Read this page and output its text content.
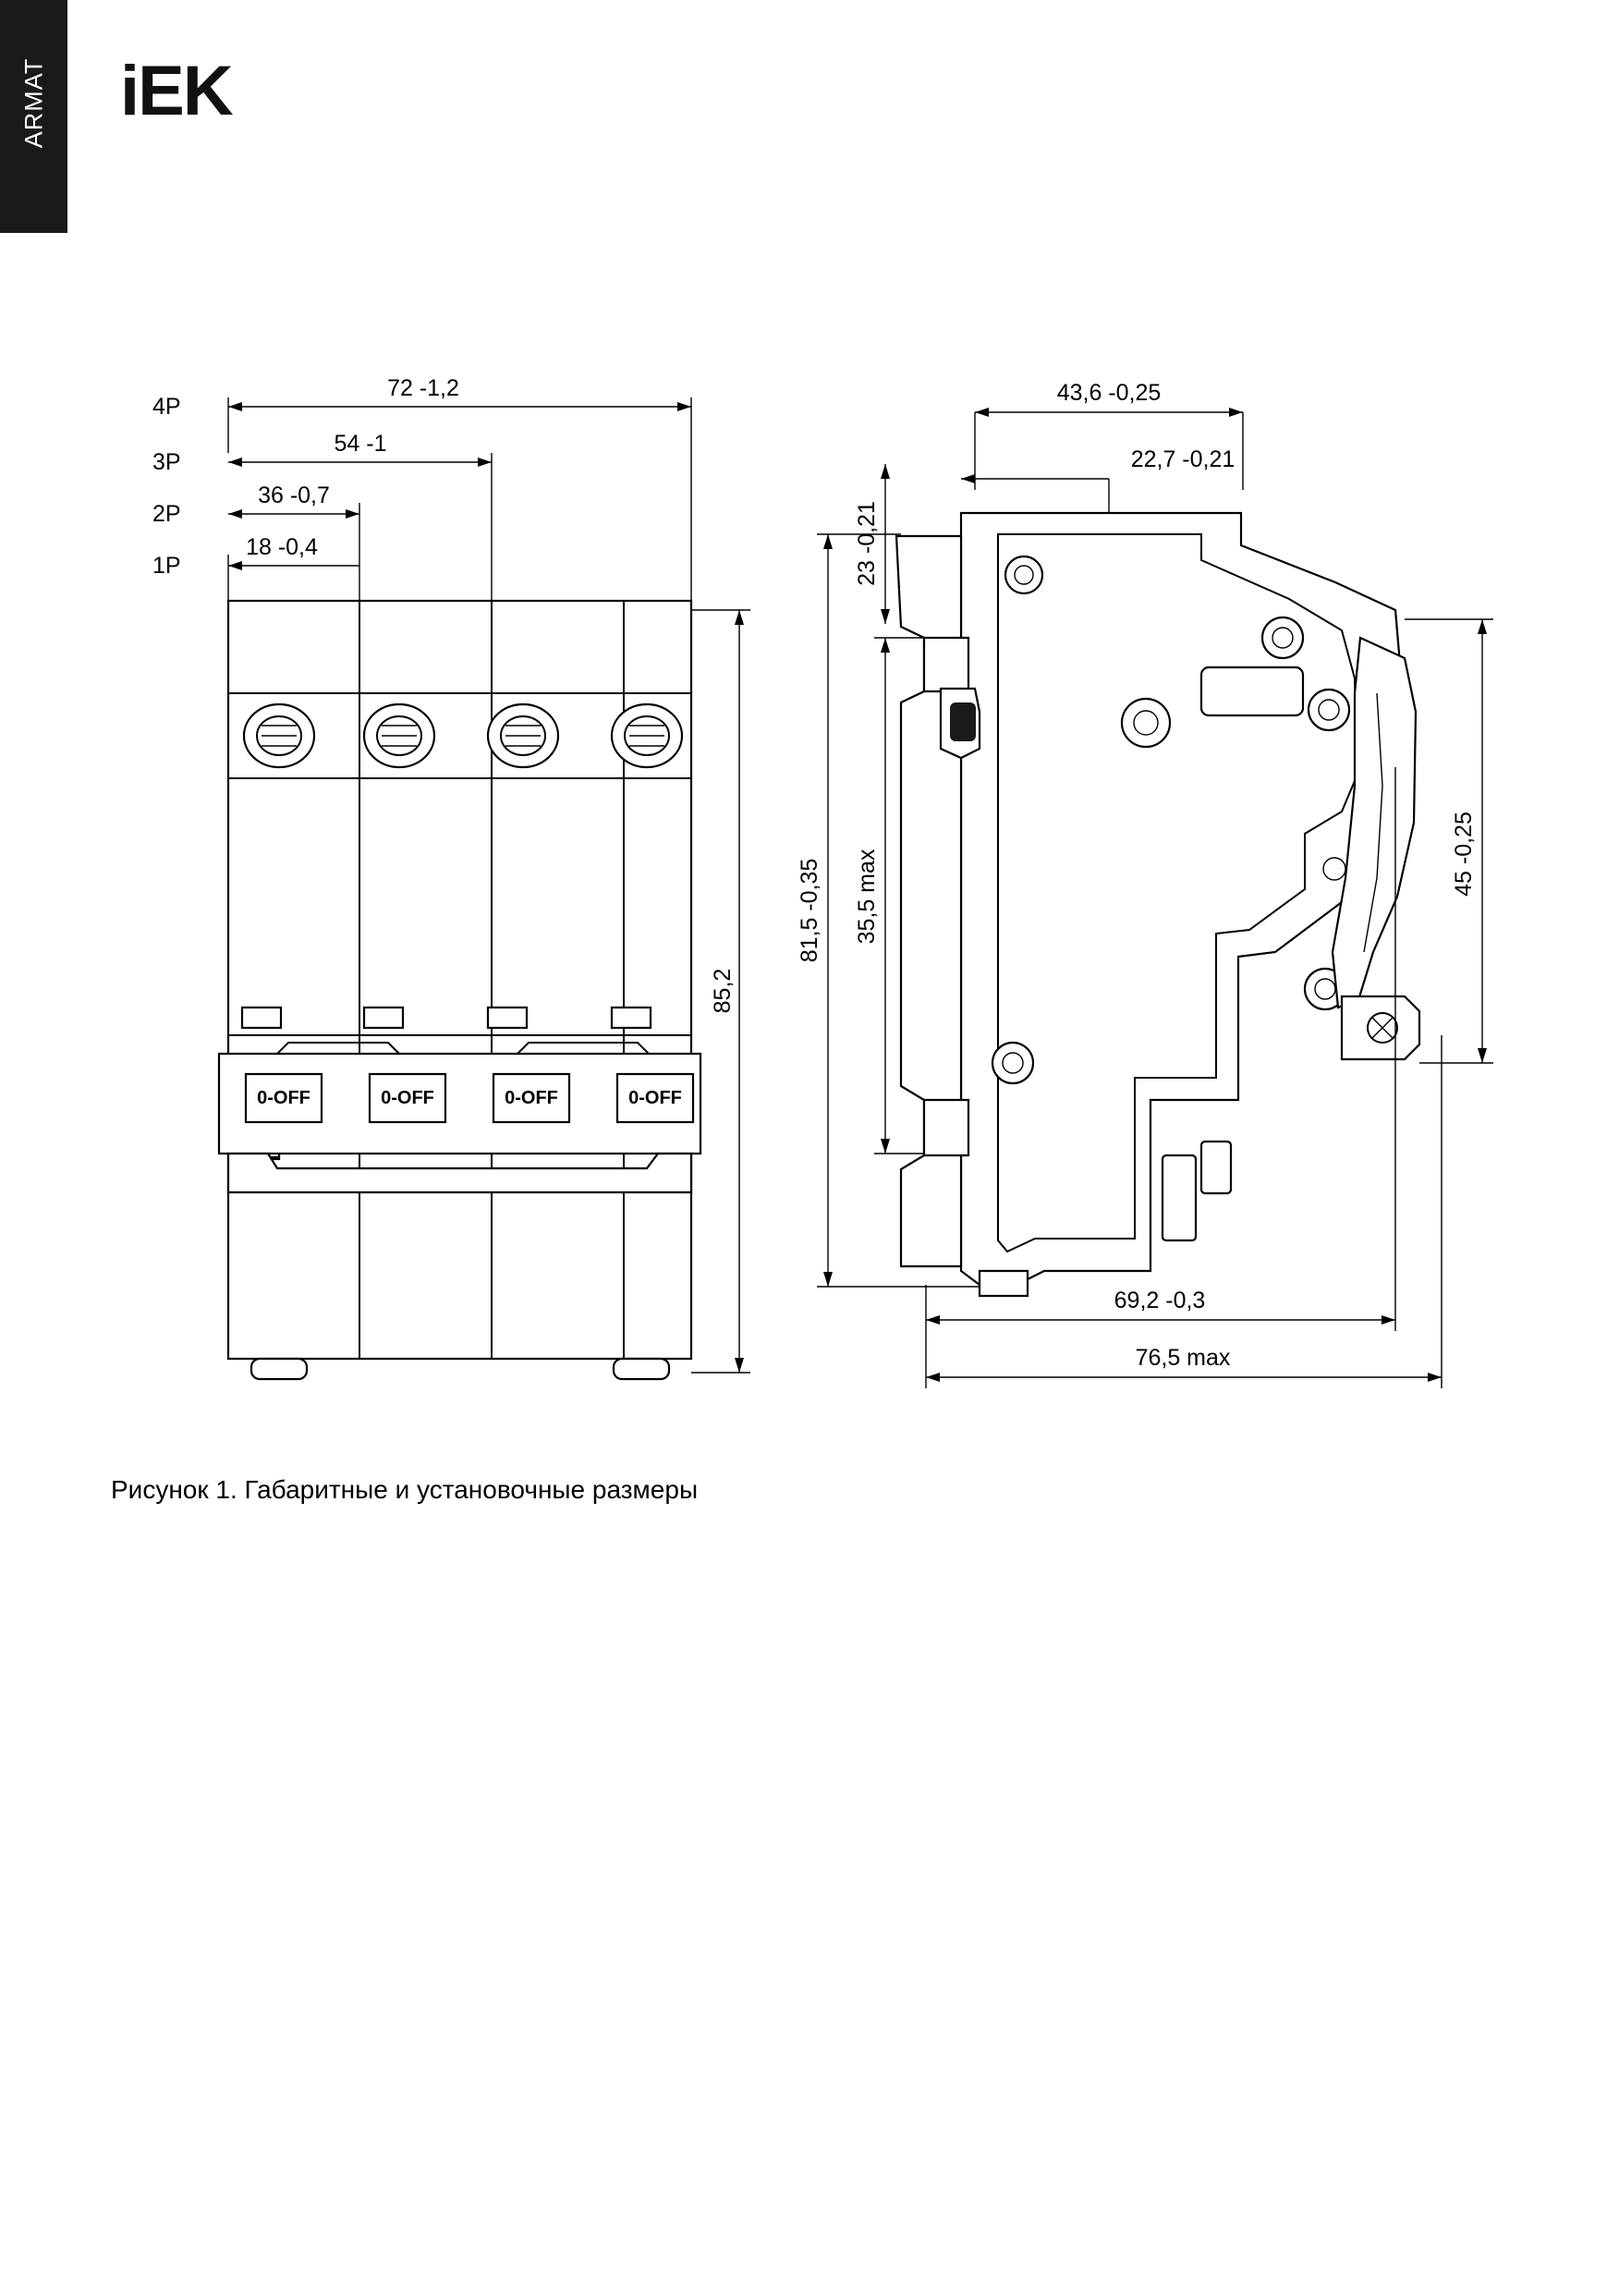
ARMAT iEK
4P
72 -1,2
3P
54 -1
2P
36 -0,7
1P
18 -0,4
0-OFF	0-OFF	0-OFF	0-OFF
85,2
43,6 -0,25
22,7 -0,21
23 -0,21
81,5 -0,35 35,5 max	45 -0,25
69,2 -0,3
76,5 max
Рисунок 1. Габаритные и установочные размеры
